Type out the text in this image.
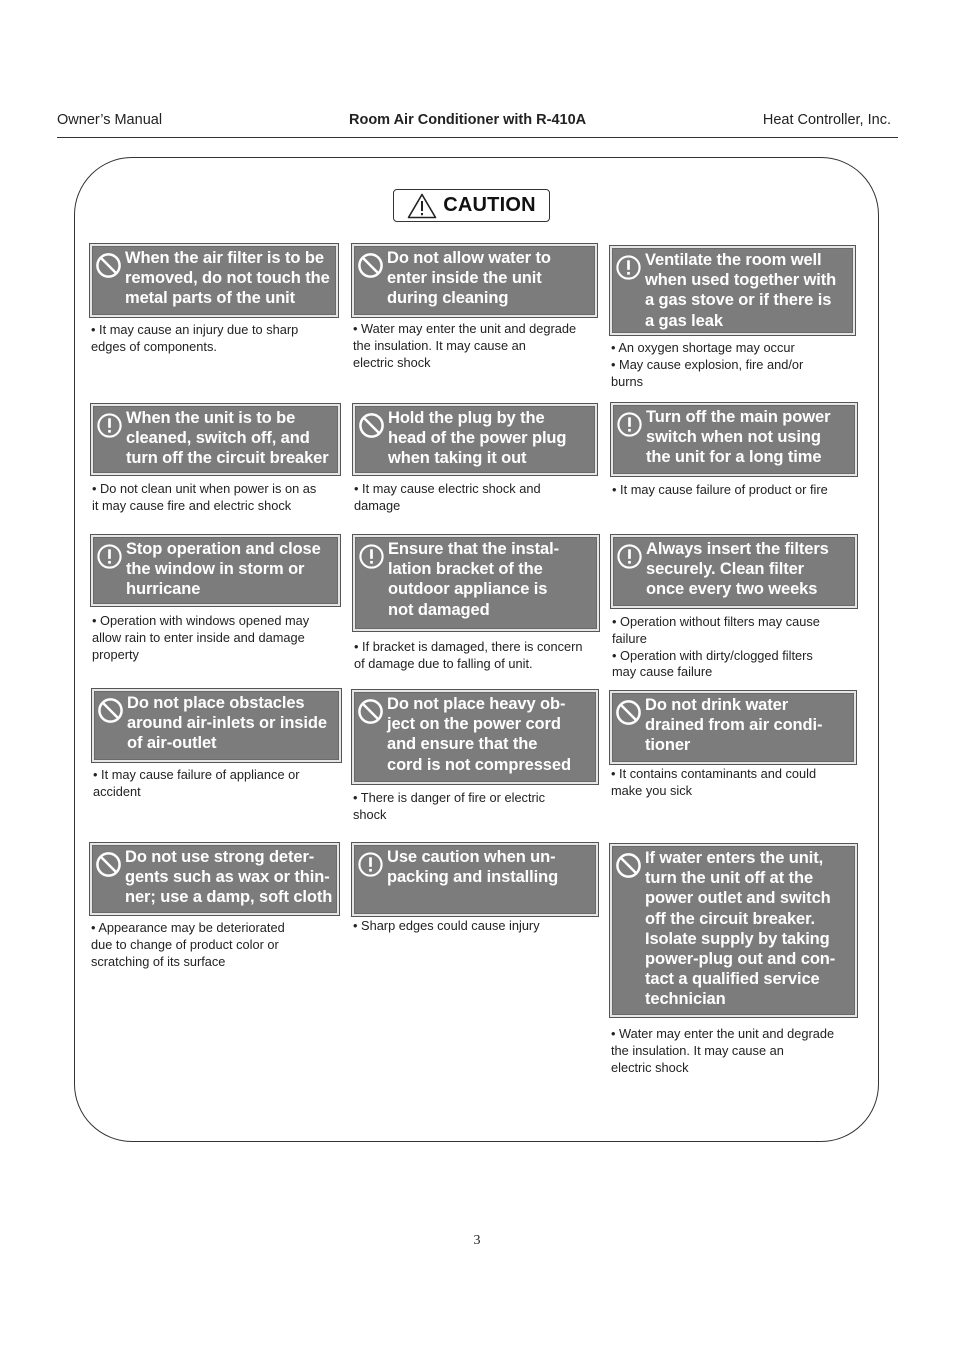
Owner’s Manual	Room Air Conditioner with R-410A	Heat Controller, Inc.
CAUTION
When the air filter is to be
removed, do not touch the
metal parts of the unit
• It may cause an injury due to sharp
edges of components.
Do not allow water to
enter inside the unit
during cleaning
• Water may enter the unit and degrade
the insulation. It may cause an
electric shock
Ventilate the room well
when used together with
a gas stove or if there is
a gas leak
• An oxygen shortage may occur
• May cause explosion, fire and/or
burns
When the unit is to be
cleaned, switch off, and
turn off the circuit breaker
• Do not clean unit when power is on as
it may cause fire and electric shock
Hold the plug by the
head of the power plug
when taking it out
• It may cause electric shock and
damage
Turn off the main power
switch when not using
the unit for a long time
• It may cause failure of product or fire
Stop operation and close
the window in storm or
hurricane
• Operation with windows opened may
allow rain to enter inside and damage
property
Ensure that the instal-
lation bracket of the
outdoor appliance is
not damaged
• If bracket is damaged, there is concern
of damage due to falling of unit.
Always insert the filters
securely. Clean filter
once every two weeks
• Operation without filters may cause
failure
• Operation with dirty/clogged filters
may cause failure
Do not place obstacles
around air-inlets or inside
of air-outlet
• It may cause failure of appliance or
accident
Do not place heavy ob-
ject on the power cord
and ensure that the
cord is not compressed
• There is danger of fire or electric
shock
Do not drink water
drained from air condi-
tioner
• It contains contaminants and could
make you sick
Do not use strong deter-
gents such as wax or thin-
ner; use a damp, soft cloth
• Appearance may be deteriorated
due to change of product color or
scratching of its surface
Use caution when un-
packing and installing
• Sharp edges could cause injury
If water enters the unit,
turn the unit off at the
power outlet and switch
off the circuit breaker.
Isolate supply by taking
power-plug out and con-
tact a qualified service
technician
• Water may enter the unit and degrade
the insulation. It may cause an
electric shock
3
